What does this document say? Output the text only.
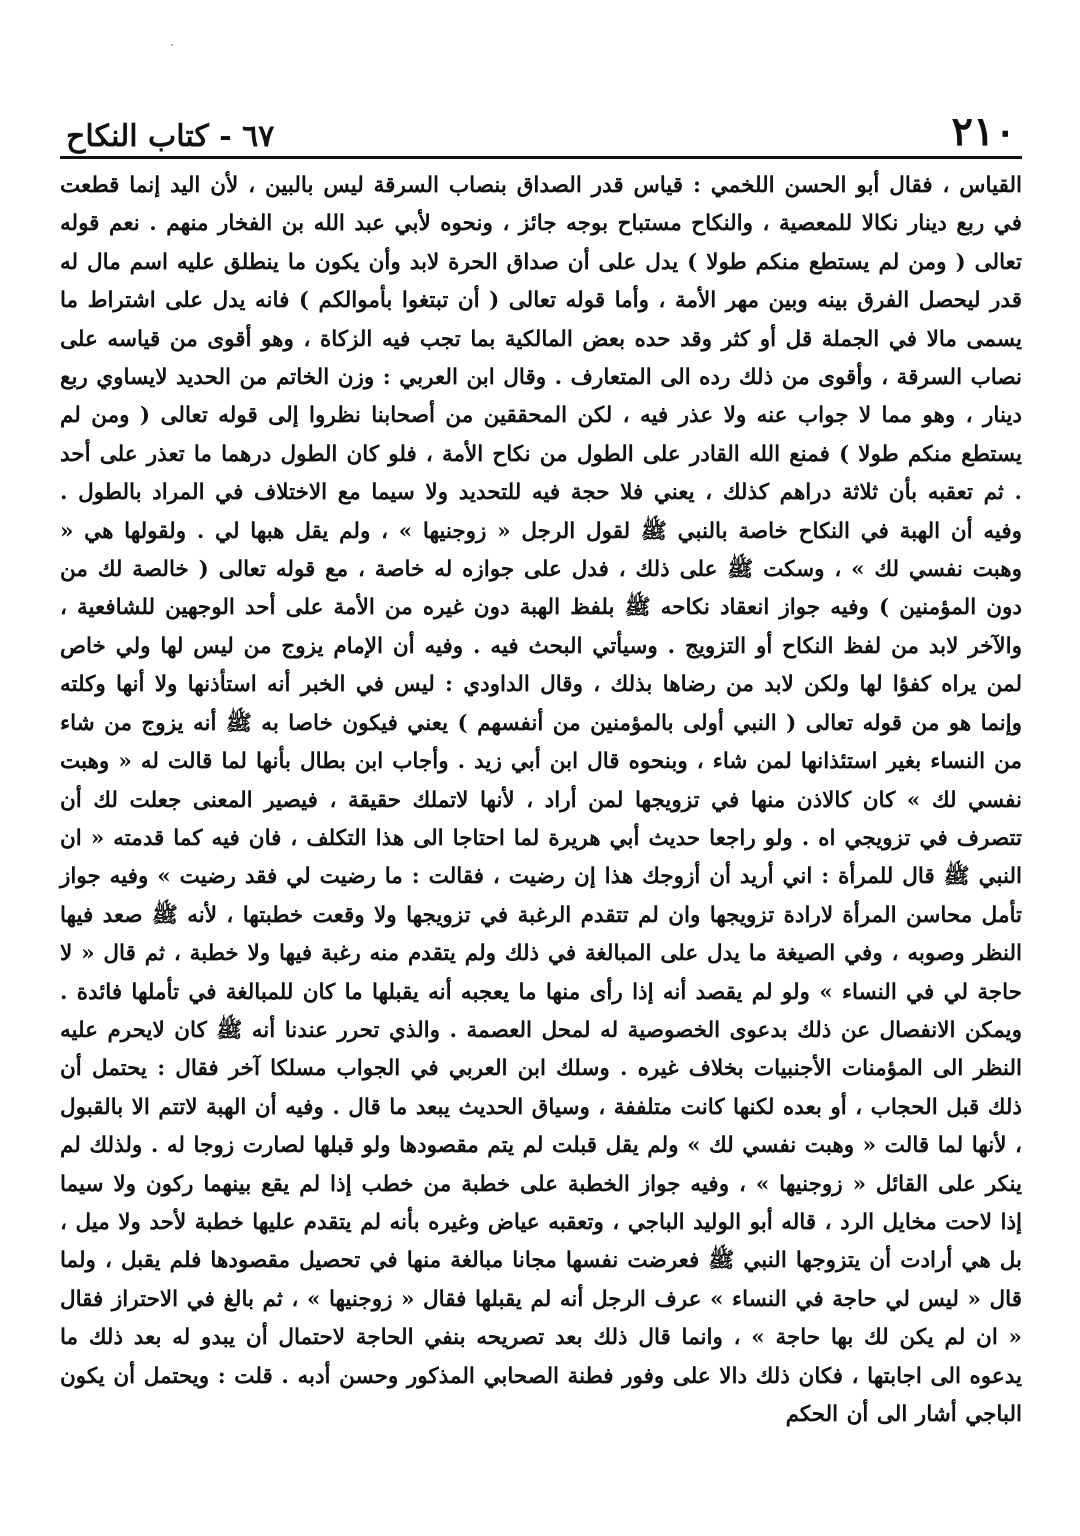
٢١٠
٦٧ - كتاب النكاح

القياس ، فقال أبو الحسن اللخمي : قياس قدر الصداق بنصاب السرقة ليس بالبين ، لأن اليد إنما قطعت في ربع دينار نكالا للمعصية ، والنكاح مستباح بوجه جائز ، ونحوه لأبي عبد الله بن الفخار منهم . نعم قوله تعالى ( ومن لم يستطع منكم طولا ) يدل على أن صداق الحرة لابد وأن يكون ما ينطلق عليه اسم مال له قدر ليحصل الفرق بينه وبين مهر الأمة ، وأما قوله تعالى ( أن تبتغوا بأموالكم ) فانه يدل على اشتراط ما يسمى مالا في الجملة قل أو كثر وقد حده بعض المالكية بما تجب فيه الزكاة ، وهو أقوى من قياسه على نصاب السرقة ، وأقوى من ذلك رده الى المتعارف . وقال ابن العربي : وزن الخاتم من الحديد لايساوي ربع دينار ، وهو مما لا جواب عنه ولا عذر فيه ، لكن المحققين من أصحابنا نظروا إلى قوله تعالى ( ومن لم يستطع منكم طولا ) فمنع الله القادر على الطول من نكاح الأمة ، فلو كان الطول درهما ما تعذر على أحد . ثم تعقبه بأن ثلاثة دراهم كذلك ، يعني فلا حجة فيه للتحديد ولا سيما مع الاختلاف في المراد بالطول . وفيه أن الهبة في النكاح خاصة بالنبي ﷺ لقول الرجل « زوجنيها » ، ولم يقل هبها لي . ولقولها هي « وهبت نفسي لك » ، وسكت ﷺ على ذلك ، فدل على جوازه له خاصة ، مع قوله تعالى ( خالصة لك من دون المؤمنين ) وفيه جواز انعقاد نكاحه ﷺ بلفظ الهبة دون غيره من الأمة على أحد الوجهين للشافعية ، والآخر لابد من لفظ النكاح أو التزويج . وسيأتي البحث فيه . وفيه أن الإمام يزوج من ليس لها ولي خاص لمن يراه كفؤا لها ولكن لابد من رضاها بذلك ، وقال الداودي : ليس في الخبر أنه استأذنها ولا أنها وكلته وإنما هو من قوله تعالى ( النبي أولى بالمؤمنين من أنفسهم ) يعني فيكون خاصا به ﷺ أنه يزوج من شاء من النساء بغير استئذانها لمن شاء ، وبنحوه قال ابن أبي زيد . وأجاب ابن بطال بأنها لما قالت له « وهبت نفسي لك » كان كالاذن منها في تزويجها لمن أراد ، لأنها لاتملك حقيقة ، فيصير المعنى جعلت لك أن تتصرف في تزويجي اه . ولو راجعا حديث أبي هريرة لما احتاجا الى هذا التكلف ، فان فيه كما قدمته « ان النبي ﷺ قال للمرأة : اني أريد أن أزوجك هذا إن رضيت ، فقالت : ما رضيت لي فقد رضيت » وفيه جواز تأمل محاسن المرأة لارادة تزويجها وان لم تتقدم الرغبة في تزويجها ولا وقعت خطبتها ، لأنه ﷺ صعد فيها النظر وصوبه ، وفي الصيغة ما يدل على المبالغة في ذلك ولم يتقدم منه رغبة فيها ولا خطبة ، ثم قال « لا حاجة لي في النساء » ولو لم يقصد أنه إذا رأى منها ما يعجبه أنه يقبلها ما كان للمبالغة في تأملها فائدة . ويمكن الانفصال عن ذلك بدعوى الخصوصية له لمحل العصمة . والذي تحرر عندنا أنه ﷺ كان لايحرم عليه النظر الى المؤمنات الأجنبيات بخلاف غيره . وسلك ابن العربي في الجواب مسلكا آخر فقال : يحتمل أن ذلك قبل الحجاب ، أو بعده لكنها كانت متلففة ، وسياق الحديث يبعد ما قال . وفيه أن الهبة لاتتم الا بالقبول ، لأنها لما قالت « وهبت نفسي لك » ولم يقل قبلت لم يتم مقصودها ولو قبلها لصارت زوجا له . ولذلك لم ينكر على القائل « زوجنيها » ، وفيه جواز الخطبة على خطبة من خطب إذا لم يقع بينهما ركون ولا سيما إذا لاحت مخايل الرد ، قاله أبو الوليد الباجي ، وتعقبه عياض وغيره بأنه لم يتقدم عليها خطبة لأحد ولا ميل ، بل هي أرادت أن يتزوجها النبي ﷺ فعرضت نفسها مجانا مبالغة منها في تحصيل مقصودها فلم يقبل ، ولما قال « ليس لي حاجة في النساء » عرف الرجل أنه لم يقبلها فقال « زوجنيها » ، ثم بالغ في الاحتراز فقال « ان لم يكن لك بها حاجة » ، وانما قال ذلك بعد تصريحه بنفي الحاجة لاحتمال أن يبدو له بعد ذلك ما يدعوه الى اجابتها ، فكان ذلك دالا على وفور فطنة الصحابي المذكور وحسن أدبه . قلت : ويحتمل أن يكون الباجي أشار الى أن الحكم
